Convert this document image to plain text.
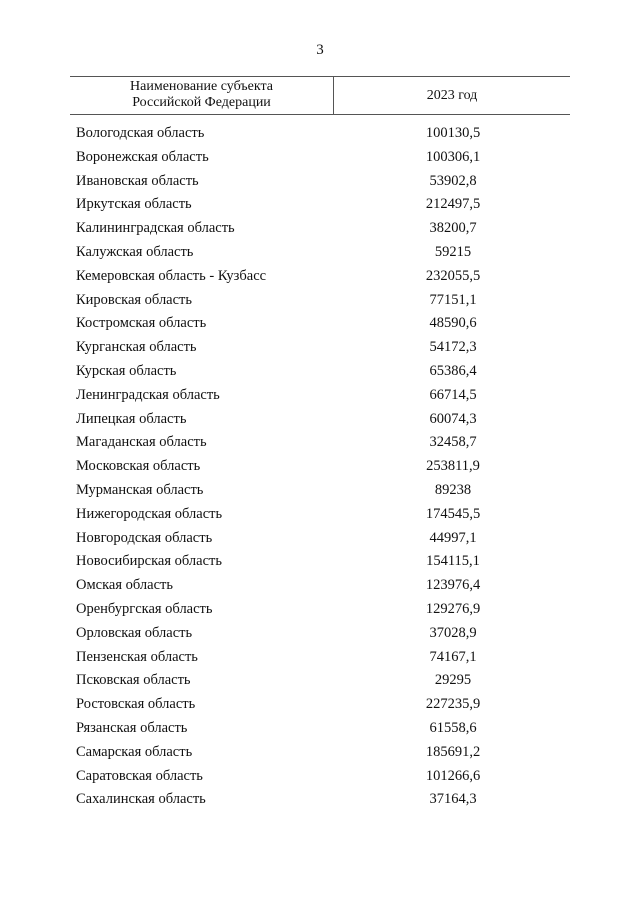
3
Наименование субъекта
Российской Федерации	2023 год
Вологодская область	100130,5
Воронежская область	100306,1
Ивановская область	53902,8
Иркутская область	212497,5
Калининградская область	38200,7
Калужская область	59215
Кемеровская область - Кузбасс	232055,5
Кировская область	77151,1
Костромская область	48590,6
Курганская область	54172,3
Курская область	65386,4
Ленинградская область	66714,5
Липецкая область	60074,3
Магаданская область	32458,7
Московская область	253811,9
Мурманская область	89238
Нижегородская область	174545,5
Новгородская область	44997,1
Новосибирская область	154115,1
Омская область	123976,4
Оренбургская область	129276,9
Орловская область	37028,9
Пензенская область	74167,1
Псковская область	29295
Ростовская область	227235,9
Рязанская область	61558,6
Самарская область	185691,2
Саратовская область	101266,6
Сахалинская область	37164,3
